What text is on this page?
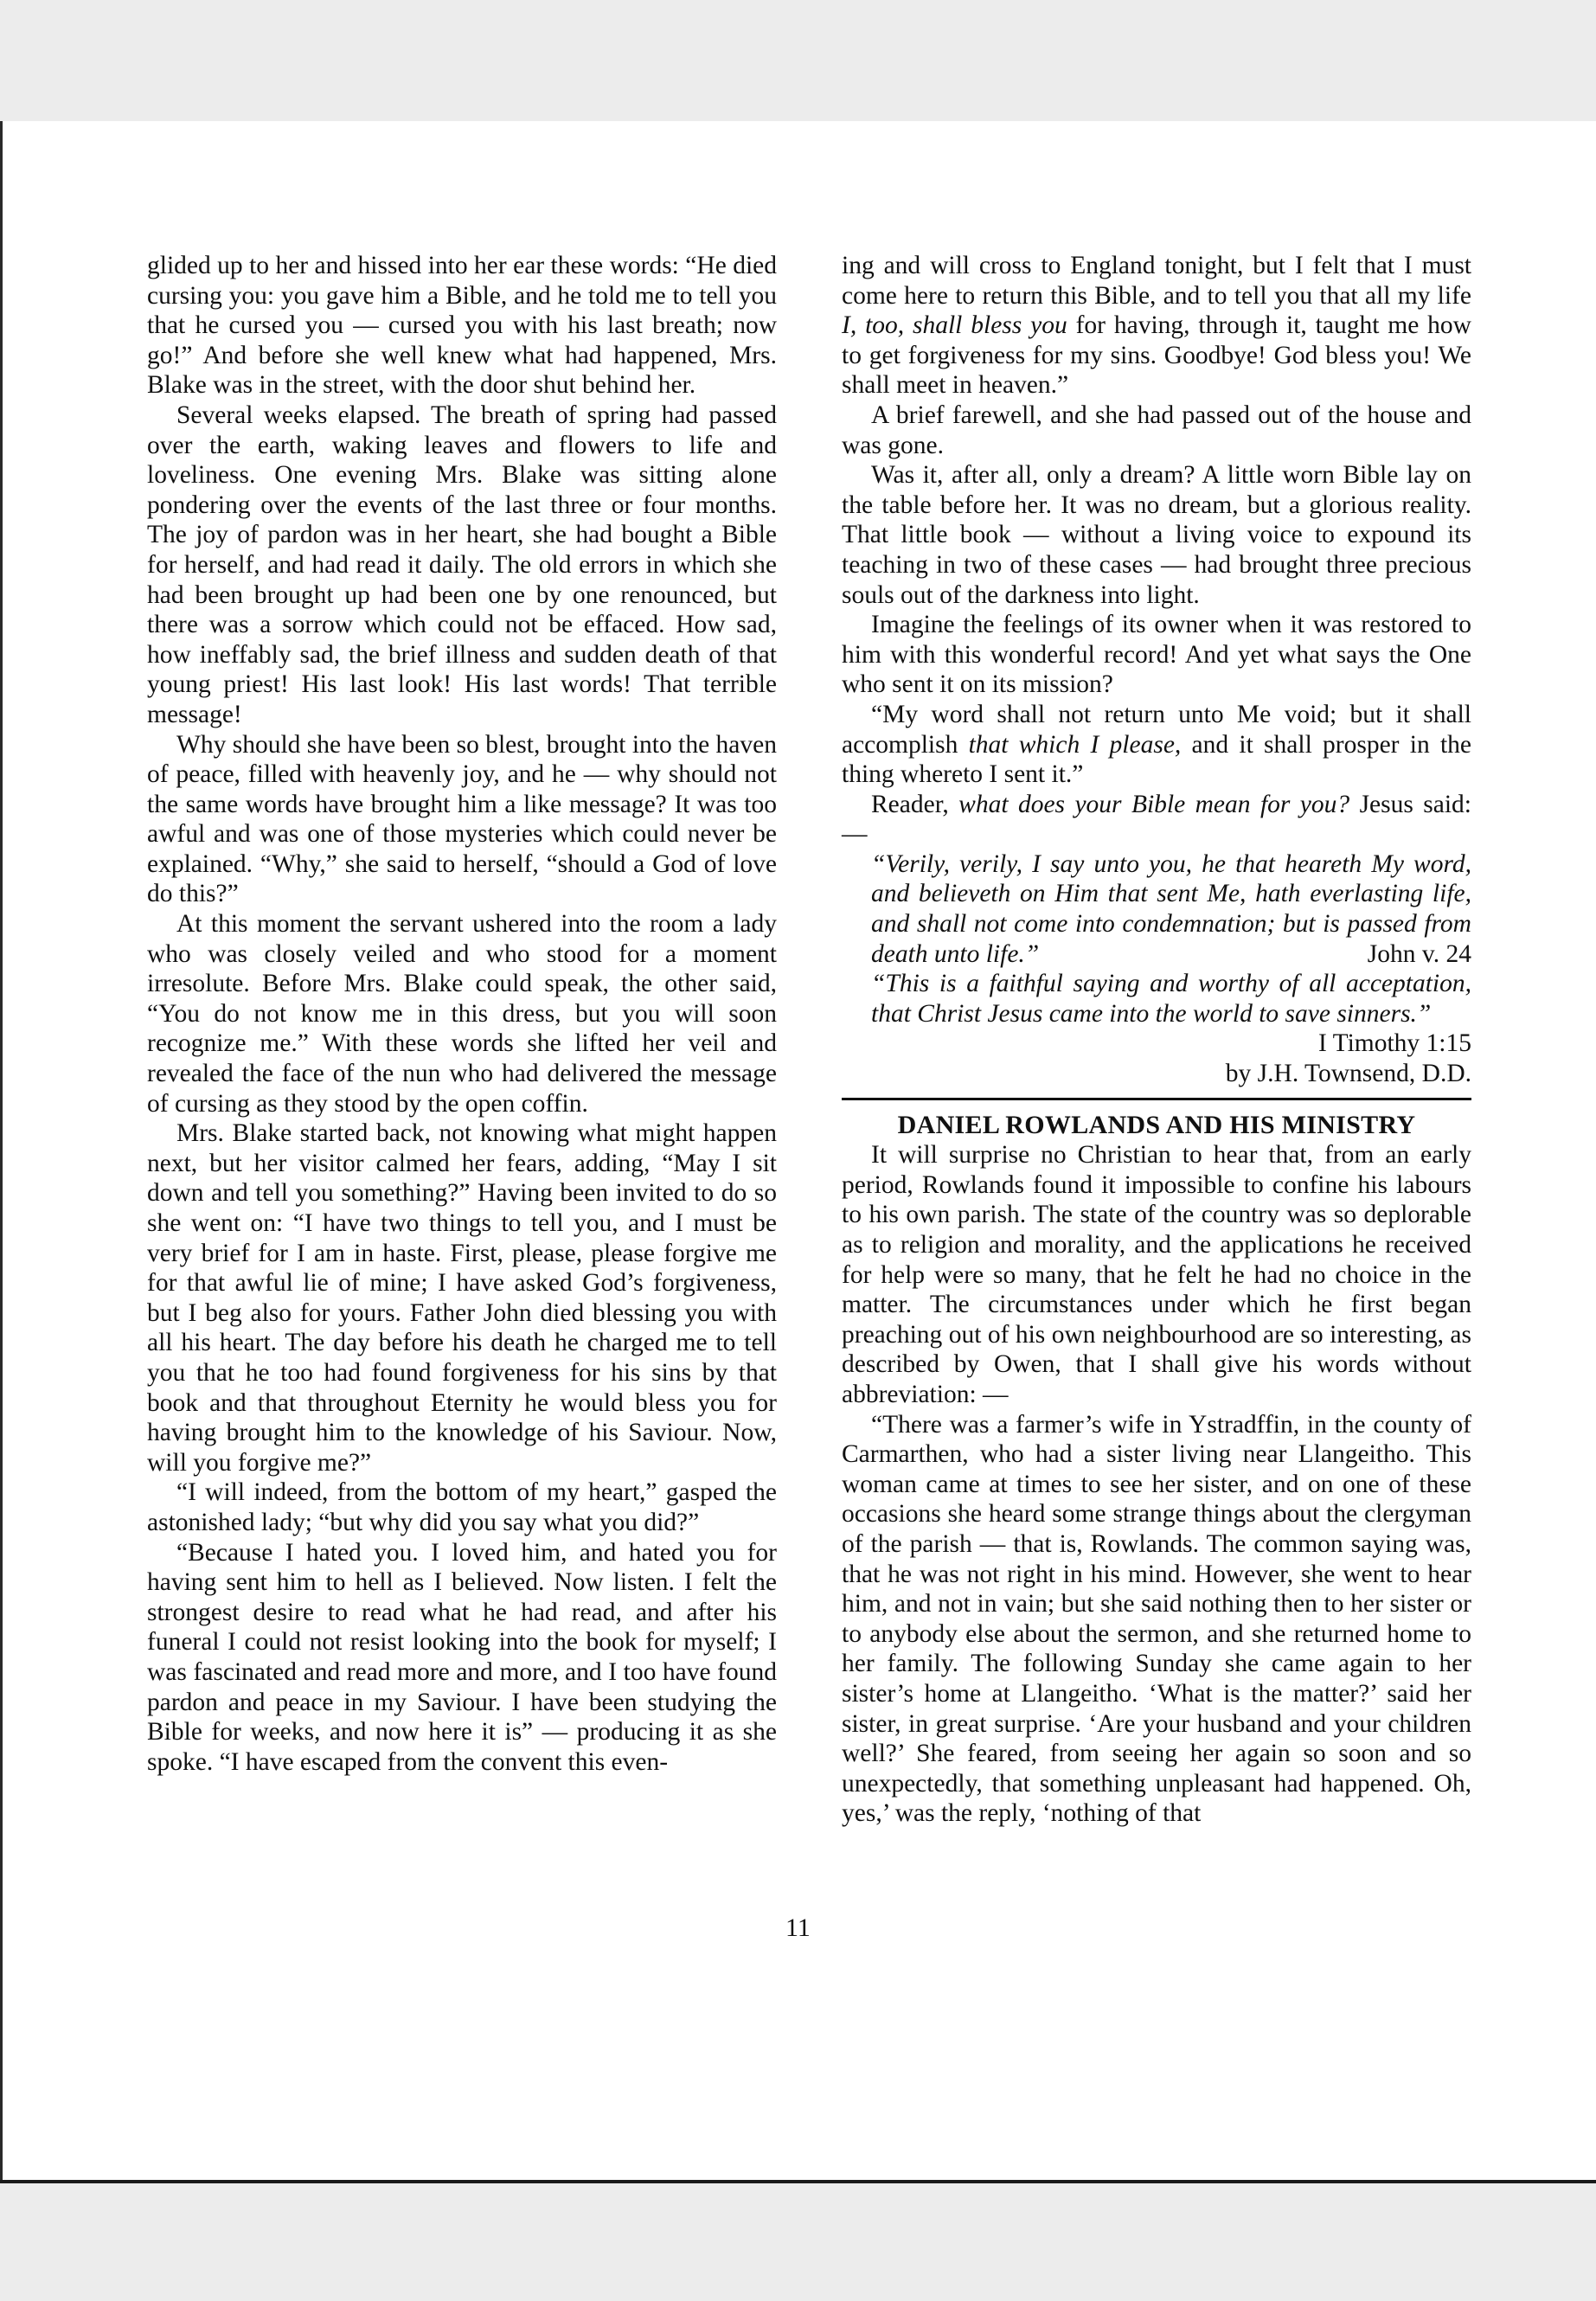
glided up to her and hissed into her ear these words: “He died cursing you: you gave him a Bible, and he told me to tell you that he cursed you — cursed you with his last breath; now go!” And before she well knew what had happened, Mrs. Blake was in the street, with the door shut behind her.

Several weeks elapsed. The breath of spring had passed over the earth, waking leaves and flowers to life and loveliness. One evening Mrs. Blake was sitting alone pondering over the events of the last three or four months. The joy of pardon was in her heart, she had bought a Bible for herself, and had read it daily. The old errors in which she had been brought up had been one by one renounced, but there was a sorrow which could not be effaced. How sad, how ineffably sad, the brief illness and sudden death of that young priest! His last look! His last words! That terrible message!

Why should she have been so blest, brought into the haven of peace, filled with heavenly joy, and he — why should not the same words have brought him a like message? It was too awful and was one of those mysteries which could never be explained. “Why,” she said to herself, “should a God of love do this?”

At this moment the servant ushered into the room a lady who was closely veiled and who stood for a moment irresolute. Before Mrs. Blake could speak, the other said, “You do not know me in this dress, but you will soon recognize me.” With these words she lifted her veil and revealed the face of the nun who had delivered the message of cursing as they stood by the open coffin.

Mrs. Blake started back, not knowing what might happen next, but her visitor calmed her fears, adding, “May I sit down and tell you something?” Having been invited to do so she went on: “I have two things to tell you, and I must be very brief for I am in haste. First, please, please forgive me for that awful lie of mine; I have asked God’s forgiveness, but I beg also for yours. Father John died blessing you with all his heart. The day before his death he charged me to tell you that he too had found forgiveness for his sins by that book and that throughout Eternity he would bless you for having brought him to the knowledge of his Saviour. Now, will you forgive me?”

“I will indeed, from the bottom of my heart,” gasped the astonished lady; “but why did you say what you did?”

“Because I hated you. I loved him, and hated you for having sent him to hell as I believed. Now listen. I felt the strongest desire to read what he had read, and after his funeral I could not resist looking into the book for myself; I was fascinated and read more and more, and I too have found pardon and peace in my Saviour. I have been studying the Bible for weeks, and now here it is” — producing it as she spoke. “I have escaped from the convent this even-

ing and will cross to England tonight, but I felt that I must come here to return this Bible, and to tell you that all my life I, too, shall bless you for having, through it, taught me how to get forgiveness for my sins. Goodbye! God bless you! We shall meet in heaven.”

A brief farewell, and she had passed out of the house and was gone.

Was it, after all, only a dream? A little worn Bible lay on the table before her. It was no dream, but a glorious reality. That little book — without a living voice to expound its teaching in two of these cases — had brought three precious souls out of the darkness into light.

Imagine the feelings of its owner when it was restored to him with this wonderful record! And yet what says the One who sent it on its mission?

“My word shall not return unto Me void; but it shall accomplish that which I please, and it shall prosper in the thing whereto I sent it.”

Reader, what does your Bible mean for you? Jesus said: —

“Verily, verily, I say unto you, he that heareth My word, and believeth on Him that sent Me, hath everlasting life, and shall not come into condemnation; but is passed from death unto life.”	John v. 24

“This is a faithful saying and worthy of all acceptation, that Christ Jesus came into the world to save sinners.”
I Timothy 1:15

by J.H. Townsend, D.D.

DANIEL ROWLANDS AND HIS MINISTRY

It will surprise no Christian to hear that, from an early period, Rowlands found it impossible to confine his labours to his own parish. The state of the country was so deplorable as to religion and morality, and the applications he received for help were so many, that he felt he had no choice in the matter. The circumstances under which he first began preaching out of his own neighbourhood are so interesting, as described by Owen, that I shall give his words without abbreviation: —

“There was a farmer’s wife in Ystradffin, in the county of Carmarthen, who had a sister living near Llangeitho. This woman came at times to see her sister, and on one of these occasions she heard some strange things about the clergyman of the parish — that is, Rowlands. The common saying was, that he was not right in his mind. However, she went to hear him, and not in vain; but she said nothing then to her sister or to anybody else about the sermon, and she returned home to her family. The following Sunday she came again to her sister’s home at Llangeitho. ‘What is the matter?’ said her sister, in great surprise. ‘Are your husband and your children well?’ She feared, from seeing her again so soon and so unexpectedly, that something unpleasant had happened. Oh, yes,’ was the reply, ‘nothing of that

11
